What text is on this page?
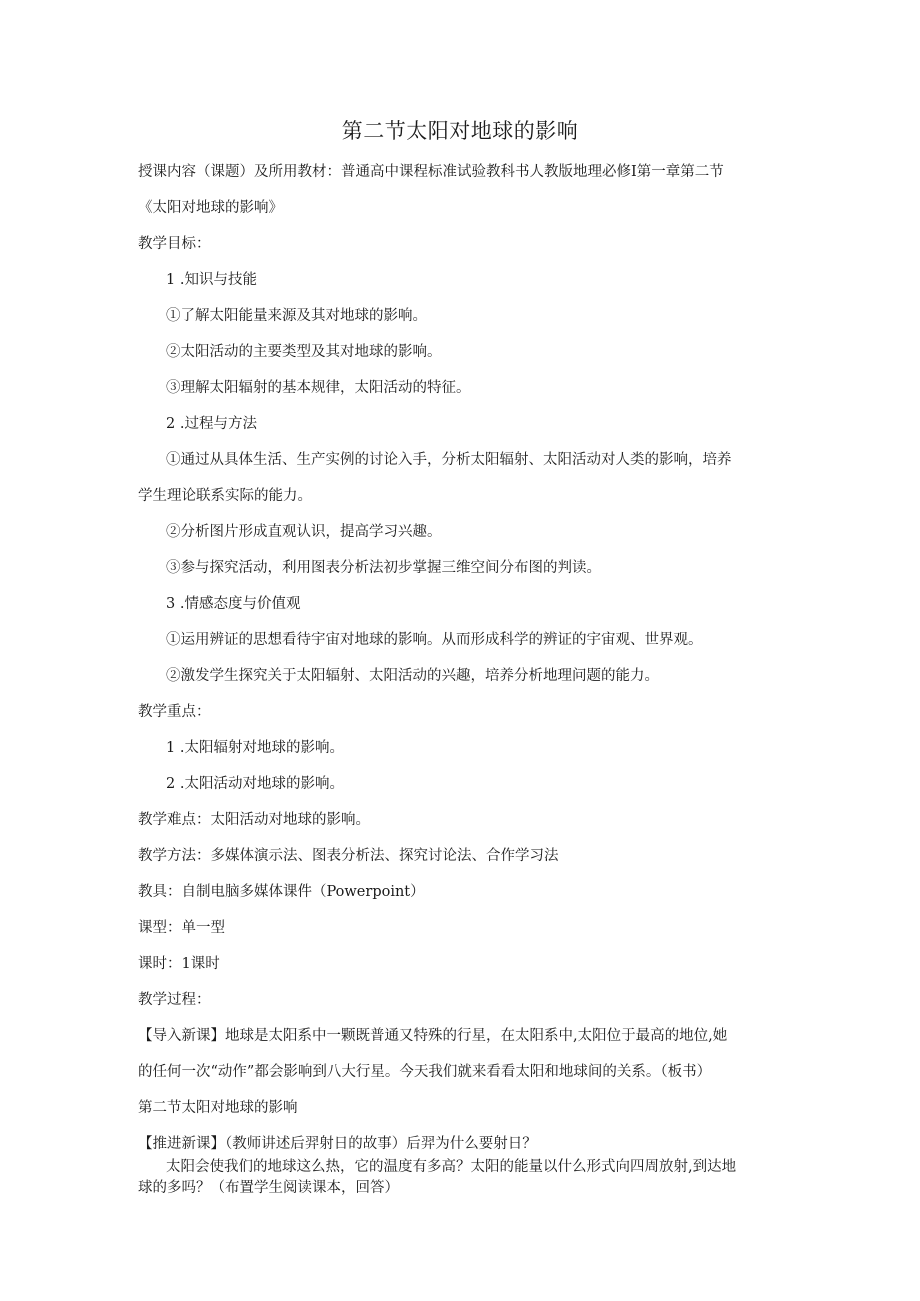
第二节太阳对地球的影响
授课内容（课题）及所用教材：普通高中课程标准试验教科书人教版地理必修Ⅰ第一章第二节
《太阳对地球的影响》
教学目标：
1 .知识与技能
①了解太阳能量来源及其对地球的影响。
②太阳活动的主要类型及其对地球的影响。
③理解太阳辐射的基本规律，太阳活动的特征。
2 .过程与方法
①通过从具体生活、生产实例的讨论入手，分析太阳辐射、太阳活动对人类的影响，培养
学生理论联系实际的能力。
②分析图片形成直观认识，提高学习兴趣。
③参与探究活动，利用图表分析法初步掌握三维空间分布图的判读。
3 .情感态度与价值观
①运用辨证的思想看待宇宙对地球的影响。从而形成科学的辨证的宇宙观、世界观。
②激发学生探究关于太阳辐射、太阳活动的兴趣，培养分析地理问题的能力。
教学重点：
1 .太阳辐射对地球的影响。
2 .太阳活动对地球的影响。
教学难点：太阳活动对地球的影响。
教学方法：多媒体演示法、图表分析法、探究讨论法、合作学习法
教具：自制电脑多媒体课件（Powerpoint）
课型：单一型
课时：1课时
教学过程：
【导入新课】地球是太阳系中一颗既普通又特殊的行星，在太阳系中,太阳位于最高的地位,她
的任何一次“动作”都会影响到八大行星。今天我们就来看看太阳和地球间的关系。（板书）
第二节太阳对地球的影响
【推进新课】（教师讲述后羿射日的故事）后羿为什么要射日？
太阳会使我们的地球这么热，它的温度有多高？太阳的能量以什么形式向四周放射,到达地
球的多吗？（布置学生阅读课本，回答）
